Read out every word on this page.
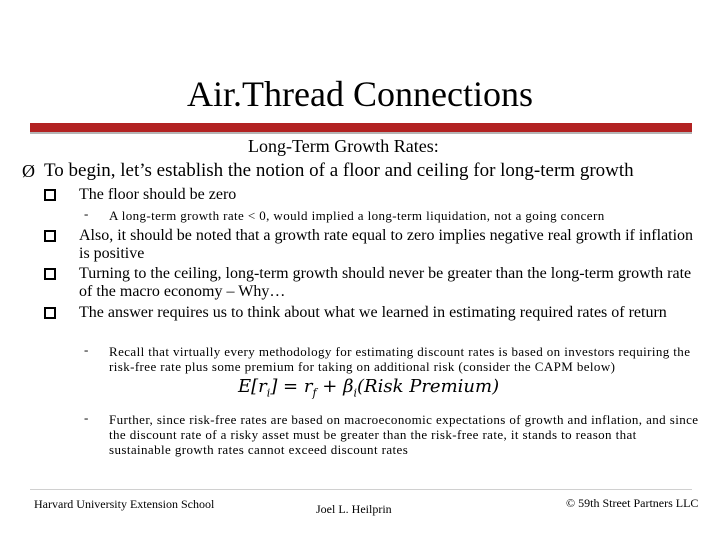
Air.Thread Connections
Long-Term Growth Rates:
Ø To begin, let’s establish the notion of a floor and ceiling for long-term growth
The floor should be zero
- A long-term growth rate < 0, would implied a long-term liquidation, not a going concern
Also, it should be noted that a growth rate equal to zero implies negative real growth if inflation is positive
Turning to the ceiling, long-term growth should never be greater than the long-term growth rate of the macro economy – Why…
The answer requires us to think about what we learned in estimating required rates of return
- Recall that virtually every methodology for estimating discount rates is based on investors requiring the risk-free rate plus some premium for taking on additional risk (consider the CAPM below)
$E[r_i] = r_f$ + $\beta_i(Risk$ Premium)
- Further, since risk-free rates are based on macroeconomic expectations of growth and inflation, and since the discount rate of a risky asset must be greater than the risk-free rate, it stands to reason that sustainable growth rates cannot exceed discount rates
Harvard University Extension School	Joel L. Heilprin	© 59th Street Partners LLC
